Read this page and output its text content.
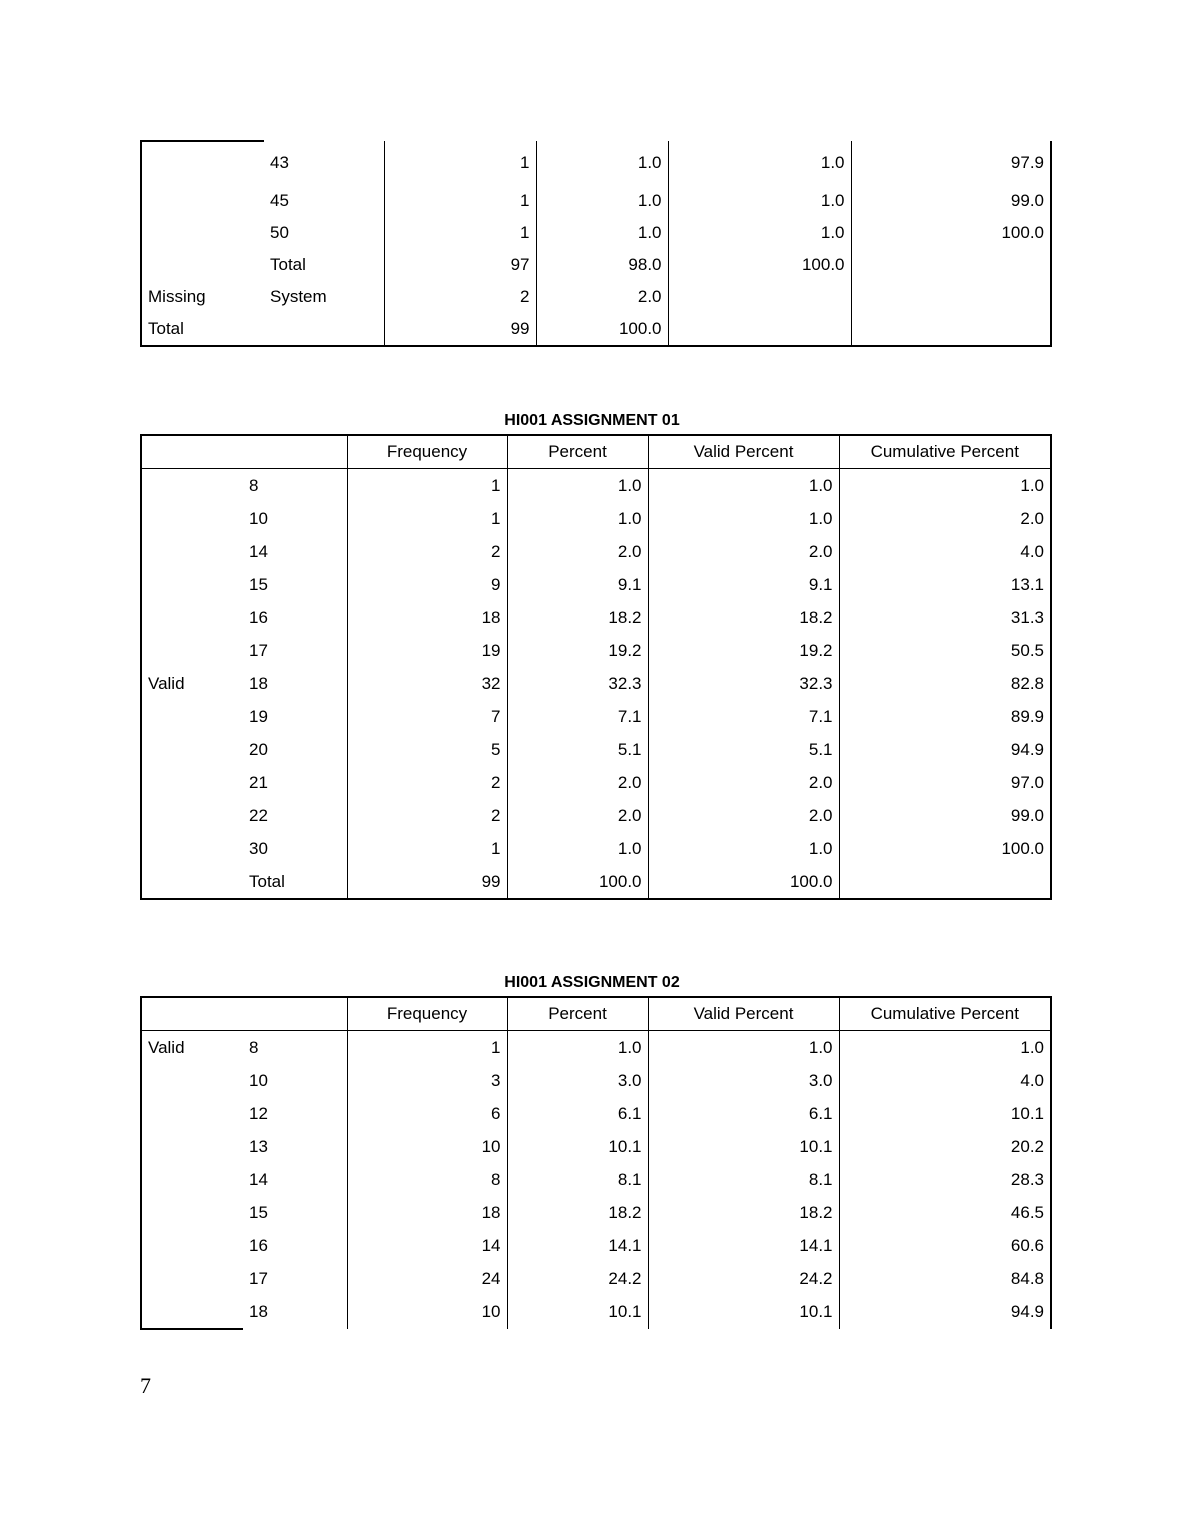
	43	1	1.0	1.0	97.9
	45	1	1.0	1.0	99.0
	50	1	1.0	1.0	100.0
	Total	97	98.0	100.0	
Missing	System	2	2.0		
Total		99	100.0		
HI001 ASSIGNMENT 01
		Frequency	Percent	Valid Percent	Cumulative Percent
	8	1	1.0	1.0	1.0
	10	1	1.0	1.0	2.0
	14	2	2.0	2.0	4.0
	15	9	9.1	9.1	13.1
	16	18	18.2	18.2	31.3
	17	19	19.2	19.2	50.5
Valid	18	32	32.3	32.3	82.8
	19	7	7.1	7.1	89.9
	20	5	5.1	5.1	94.9
	21	2	2.0	2.0	97.0
	22	2	2.0	2.0	99.0
	30	1	1.0	1.0	100.0
	Total	99	100.0	100.0	
HI001 ASSIGNMENT 02
		Frequency	Percent	Valid Percent	Cumulative Percent
Valid	8	1	1.0	1.0	1.0
	10	3	3.0	3.0	4.0
	12	6	6.1	6.1	10.1
	13	10	10.1	10.1	20.2
	14	8	8.1	8.1	28.3
	15	18	18.2	18.2	46.5
	16	14	14.1	14.1	60.6
	17	24	24.2	24.2	84.8
	18	10	10.1	10.1	94.9
7
